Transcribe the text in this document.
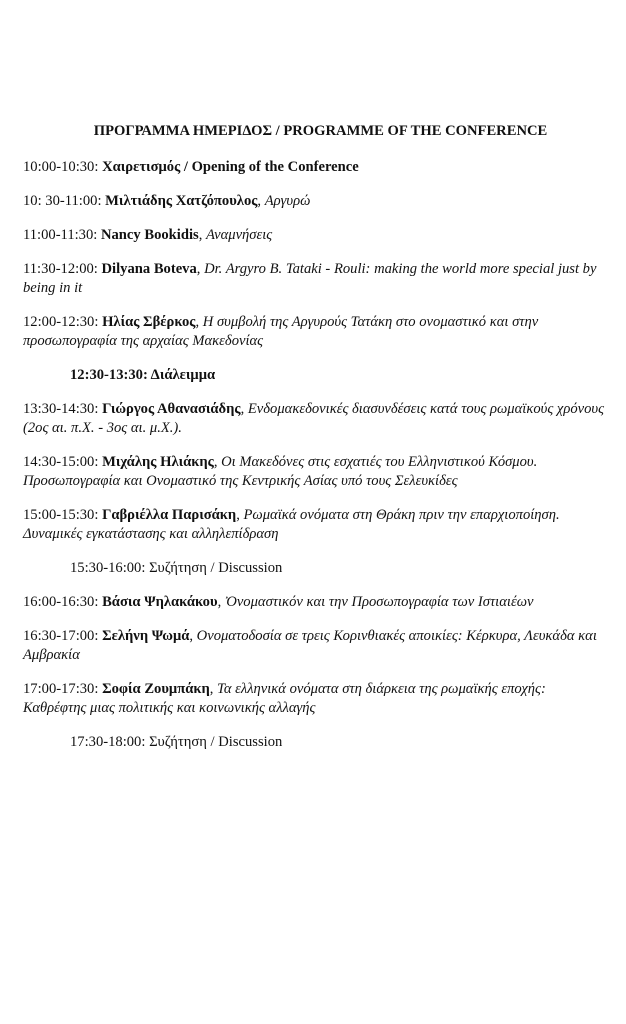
ΠΡΟΓΡΑΜΜΑ ΗΜΕΡΙΔΟΣ / PROGRAMME OF THE CONFERENCE
10:00-10:30: Χαιρετισμός / Opening of the Conference
10: 30-11:00: Μιλτιάδης Χατζόπουλος, Αργυρώ
11:00-11:30: Nancy Bookidis, Αναμνήσεις
11:30-12:00: Dilyana Boteva, Dr. Argyro B. Tataki - Rouli: making the world more special just by being in it
12:00-12:30: Ηλίας Σβέρκος, Η συμβολή της Αργυρούς Τατάκη στο ονομαστικό και στην προσωπογραφία της αρχαίας Μακεδονίας
12:30-13:30: Διάλειμμα
13:30-14:30: Γιώργος Αθανασιάδης, Ενδομακεδονικές διασυνδέσεις κατά τους ρωμαϊκούς χρόνους (2ος αι. π.Χ. - 3ος αι. μ.Χ.).
14:30-15:00: Μιχάλης Ηλιάκης, Οι Μακεδόνες στις εσχατιές του Ελληνιστικού Κόσμου. Προσωπογραφία και Ονομαστικό της Κεντρικής Ασίας υπό τους Σελευκίδες
15:00-15:30: Γαβριέλλα Παρισάκη, Ρωμαϊκά ονόματα στη Θράκη πριν την επαρχιοποίηση. Δυναμικές εγκατάστασης και αλληλεπίδραση
15:30-16:00: Συζήτηση / Discussion
16:00-16:30: Βάσια Ψηλακάκου, Ὀνομαστικόν και την Προσωπογραφία των Ιστιαιέων
16:30-17:00: Σελήνη Ψωμά, Ονοματοδοσία σε τρεις Κορινθιακές αποικίες: Κέρκυρα, Λευκάδα και Αμβρακία
17:00-17:30: Σοφία Ζουμπάκη, Τα ελληνικά ονόματα στη διάρκεια της ρωμαϊκής εποχής: Καθρέφτης μιας πολιτικής και κοινωνικής αλλαγής
17:30-18:00: Συζήτηση / Discussion
